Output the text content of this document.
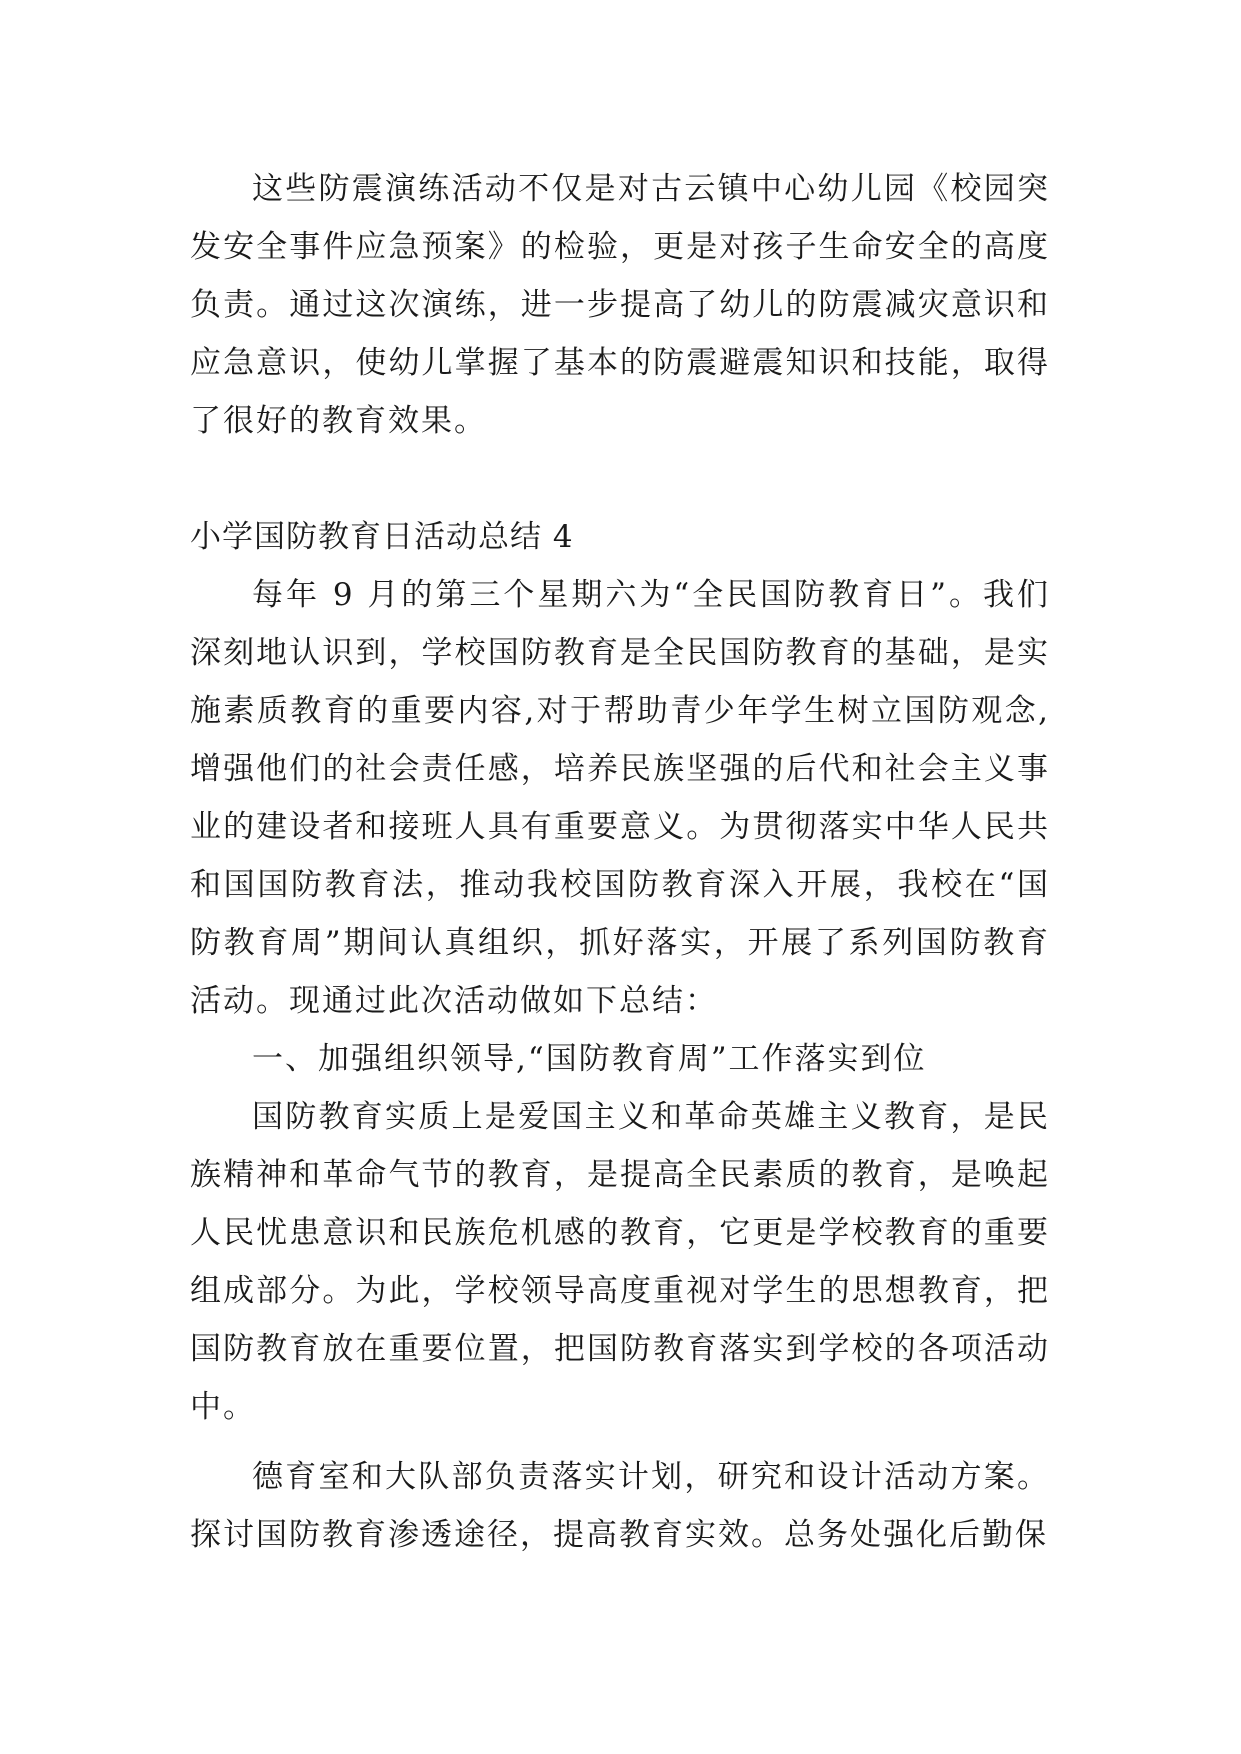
这些防震演练活动不仅是对古云镇中心幼儿园《校园突发安全事件应急预案》的检验，更是对孩子生命安全的高度负责。通过这次演练，进一步提高了幼儿的防震减灾意识和应急意识，使幼儿掌握了基本的防震避震知识和技能，取得了很好的教育效果。

小学国防教育日活动总结 4

每年 9 月的第三个星期六为“全民国防教育日”。我们深刻地认识到，学校国防教育是全民国防教育的基础，是实施素质教育的重要内容,对于帮助青少年学生树立国防观念,增强他们的社会责任感，培养民族坚强的后代和社会主义事业的建设者和接班人具有重要意义。为贯彻落实中华人民共和国国防教育法，推动我校国防教育深入开展，我校在“国防教育周”期间认真组织，抓好落实，开展了系列国防教育活动。现通过此次活动做如下总结：

一、加强组织领导,“国防教育周”工作落实到位

国防教育实质上是爱国主义和革命英雄主义教育，是民族精神和革命气节的教育，是提高全民素质的教育，是唤起人民忧患意识和民族危机感的教育，它更是学校教育的重要组成部分。为此，学校领导高度重视对学生的思想教育，把国防教育放在重要位置，把国防教育落实到学校的各项活动中。

德育室和大队部负责落实计划，研究和设计活动方案。探讨国防教育渗透途径，提高教育实效。总务处强化后勤保
